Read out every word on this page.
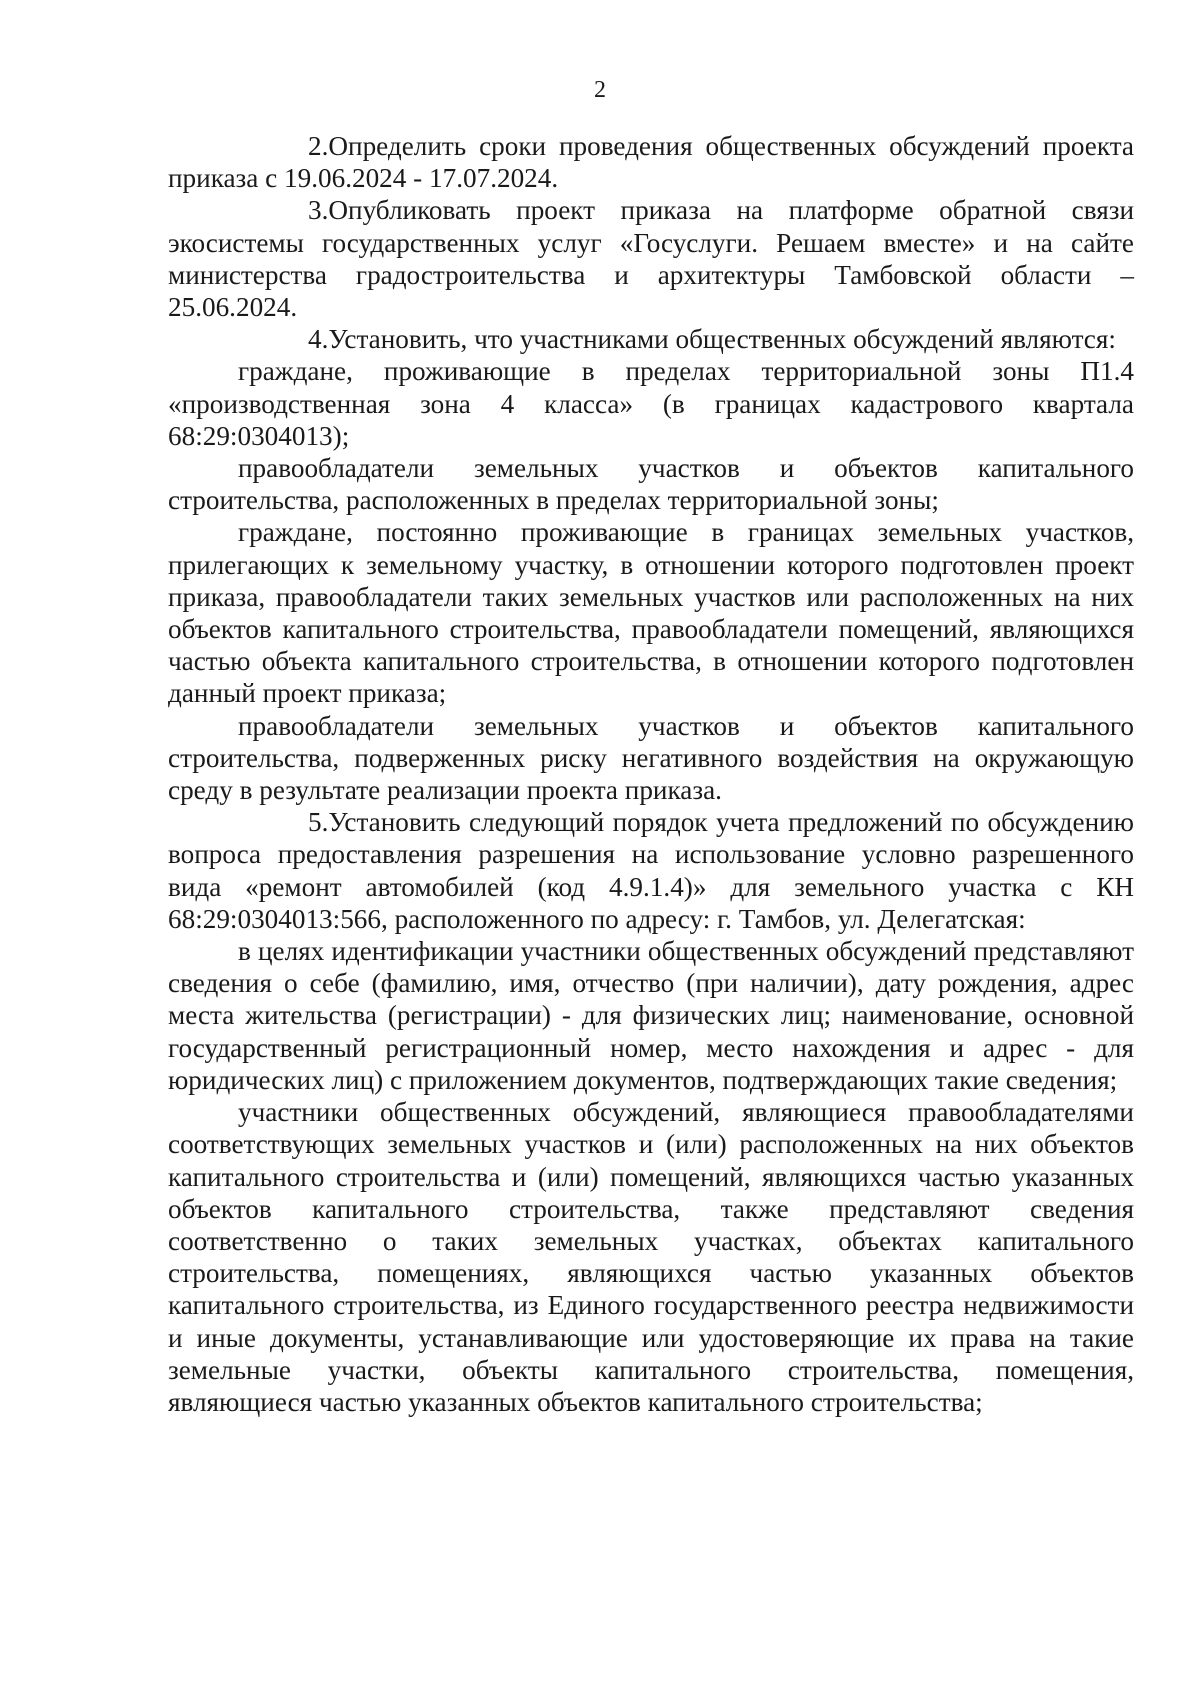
2

2.Определить сроки проведения общественных обсуждений проекта приказа с 19.06.2024 - 17.07.2024.

3.Опубликовать проект приказа на платформе обратной связи экосистемы государственных услуг «Госуслуги. Решаем вместе» и на сайте министерства градостроительства и архитектуры Тамбовской области – 25.06.2024.

4.Установить, что участниками общественных обсуждений являются:

граждане, проживающие в пределах территориальной зоны П1.4 «производственная зона 4 класса» (в границах кадастрового квартала 68:29:0304013);

правообладатели земельных участков и объектов капитального строительства, расположенных в пределах территориальной зоны;

граждане, постоянно проживающие в границах земельных участков, прилегающих к земельному участку, в отношении которого подготовлен проект приказа, правообладатели таких земельных участков или расположенных на них объектов капитального строительства, правообладатели помещений, являющихся частью объекта капитального строительства, в отношении которого подготовлен данный проект приказа;

правообладатели земельных участков и объектов капитального строительства, подверженных риску негативного воздействия на окружающую среду в результате реализации проекта приказа.

5.Установить следующий порядок учета предложений по обсуждению вопроса предоставления разрешения на использование условно разрешенного вида «ремонт автомобилей (код 4.9.1.4)» для земельного участка с КН 68:29:0304013:566, расположенного по адресу: г. Тамбов, ул. Делегатская:

в целях идентификации участники общественных обсуждений представляют сведения о себе (фамилию, имя, отчество (при наличии), дату рождения, адрес места жительства (регистрации) - для физических лиц; наименование, основной государственный регистрационный номер, место нахождения и адрес - для юридических лиц) с приложением документов, подтверждающих такие сведения;

участники общественных обсуждений, являющиеся правообладателями соответствующих земельных участков и (или) расположенных на них объектов капитального строительства и (или) помещений, являющихся частью указанных объектов капитального строительства, также представляют сведения соответственно о таких земельных участках, объектах капитального строительства, помещениях, являющихся частью указанных объектов капитального строительства, из Единого государственного реестра недвижимости и иные документы, устанавливающие или удостоверяющие их права на такие земельные участки, объекты капитального строительства, помещения, являющиеся частью указанных объектов капитального строительства;
